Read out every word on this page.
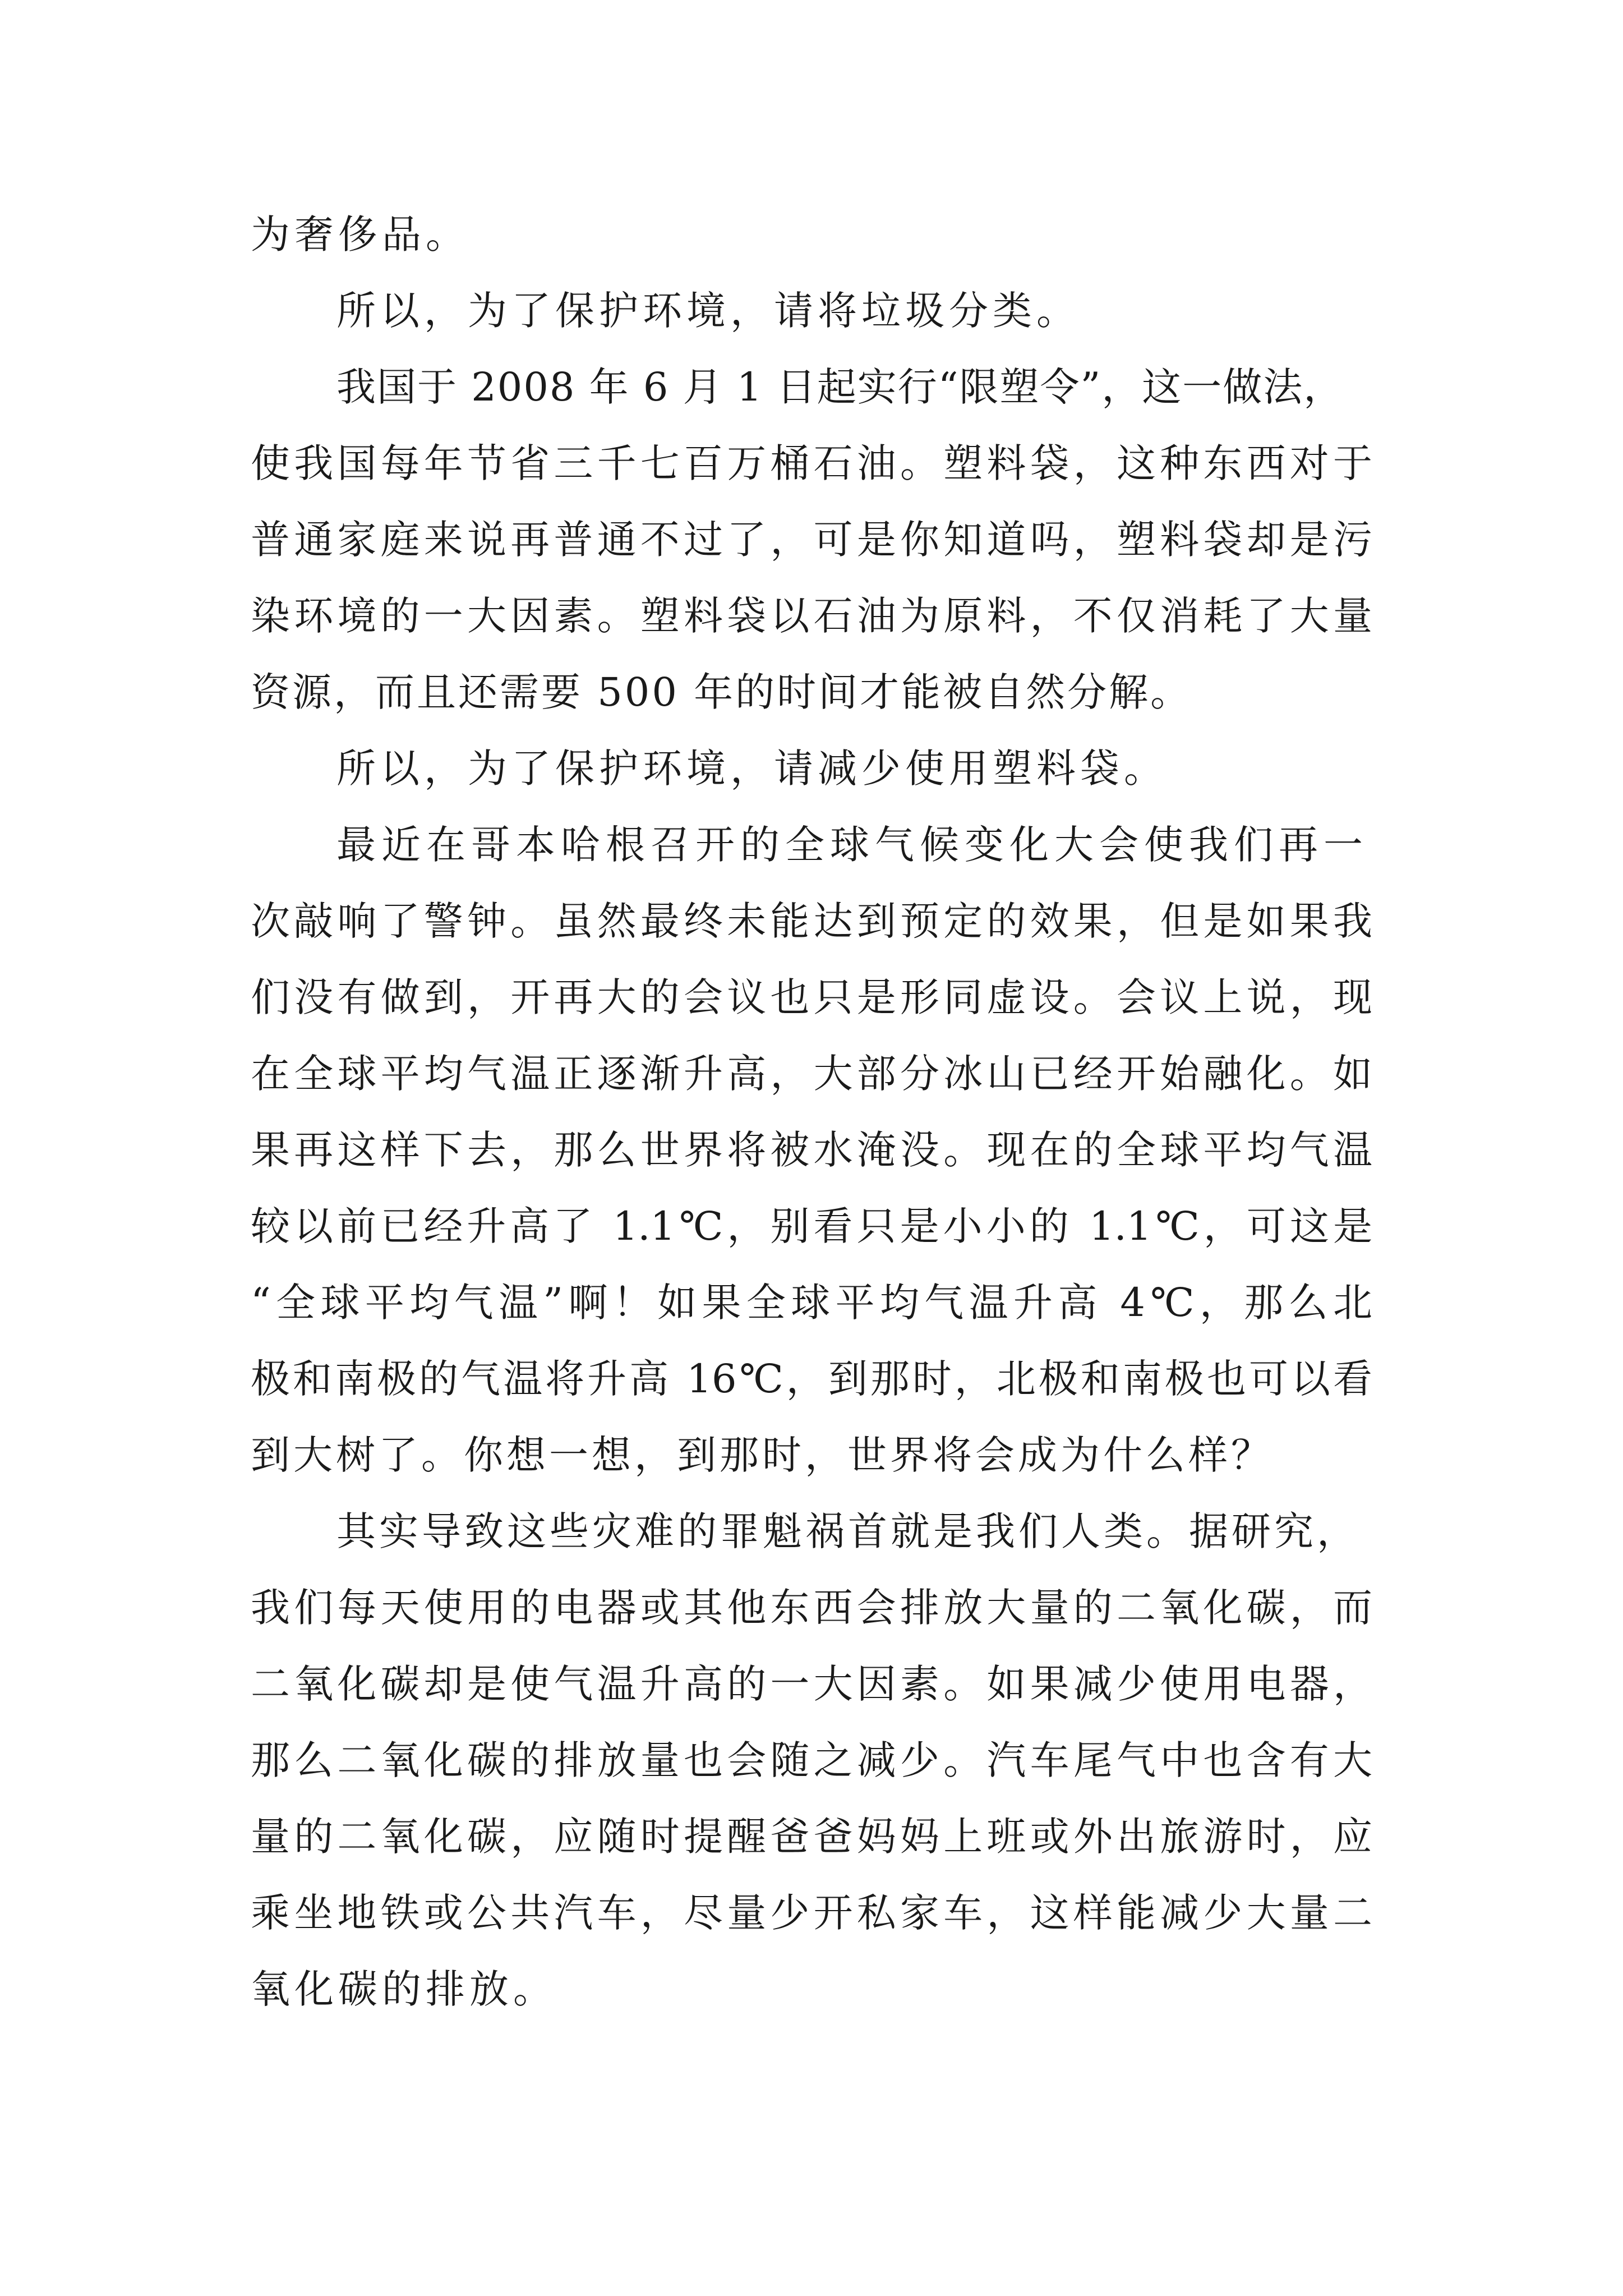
为奢侈品。

所以，为了保护环境，请将垃圾分类。

我国于 2008 年 6 月 1 日起实行“限塑令”，这一做法，

使我国每年节省三千七百万桶石油。塑料袋，这种东西对于

普通家庭来说再普通不过了，可是你知道吗，塑料袋却是污

染环境的一大因素。塑料袋以石油为原料，不仅消耗了大量

资源，而且还需要 500 年的时间才能被自然分解。

所以，为了保护环境，请减少使用塑料袋。

最近在哥本哈根召开的全球气候变化大会使我们再一

次敲响了警钟。虽然最终未能达到预定的效果，但是如果我

们没有做到，开再大的会议也只是形同虚设。会议上说，现

在全球平均气温正逐渐升高，大部分冰山已经开始融化。如

果再这样下去，那么世界将被水淹没。现在的全球平均气温

较以前已经升高了 1.1℃，别看只是小小的 1.1℃，可这是

“全球平均气温”啊！如果全球平均气温升高 4℃，那么北

极和南极的气温将升高 16℃，到那时，北极和南极也可以看

到大树了。你想一想，到那时，世界将会成为什么样？

其实导致这些灾难的罪魁祸首就是我们人类。据研究，

我们每天使用的电器或其他东西会排放大量的二氧化碳，而

二氧化碳却是使气温升高的一大因素。如果减少使用电器，

那么二氧化碳的排放量也会随之减少。汽车尾气中也含有大

量的二氧化碳，应随时提醒爸爸妈妈上班或外出旅游时，应

乘坐地铁或公共汽车，尽量少开私家车，这样能减少大量二

氧化碳的排放。
